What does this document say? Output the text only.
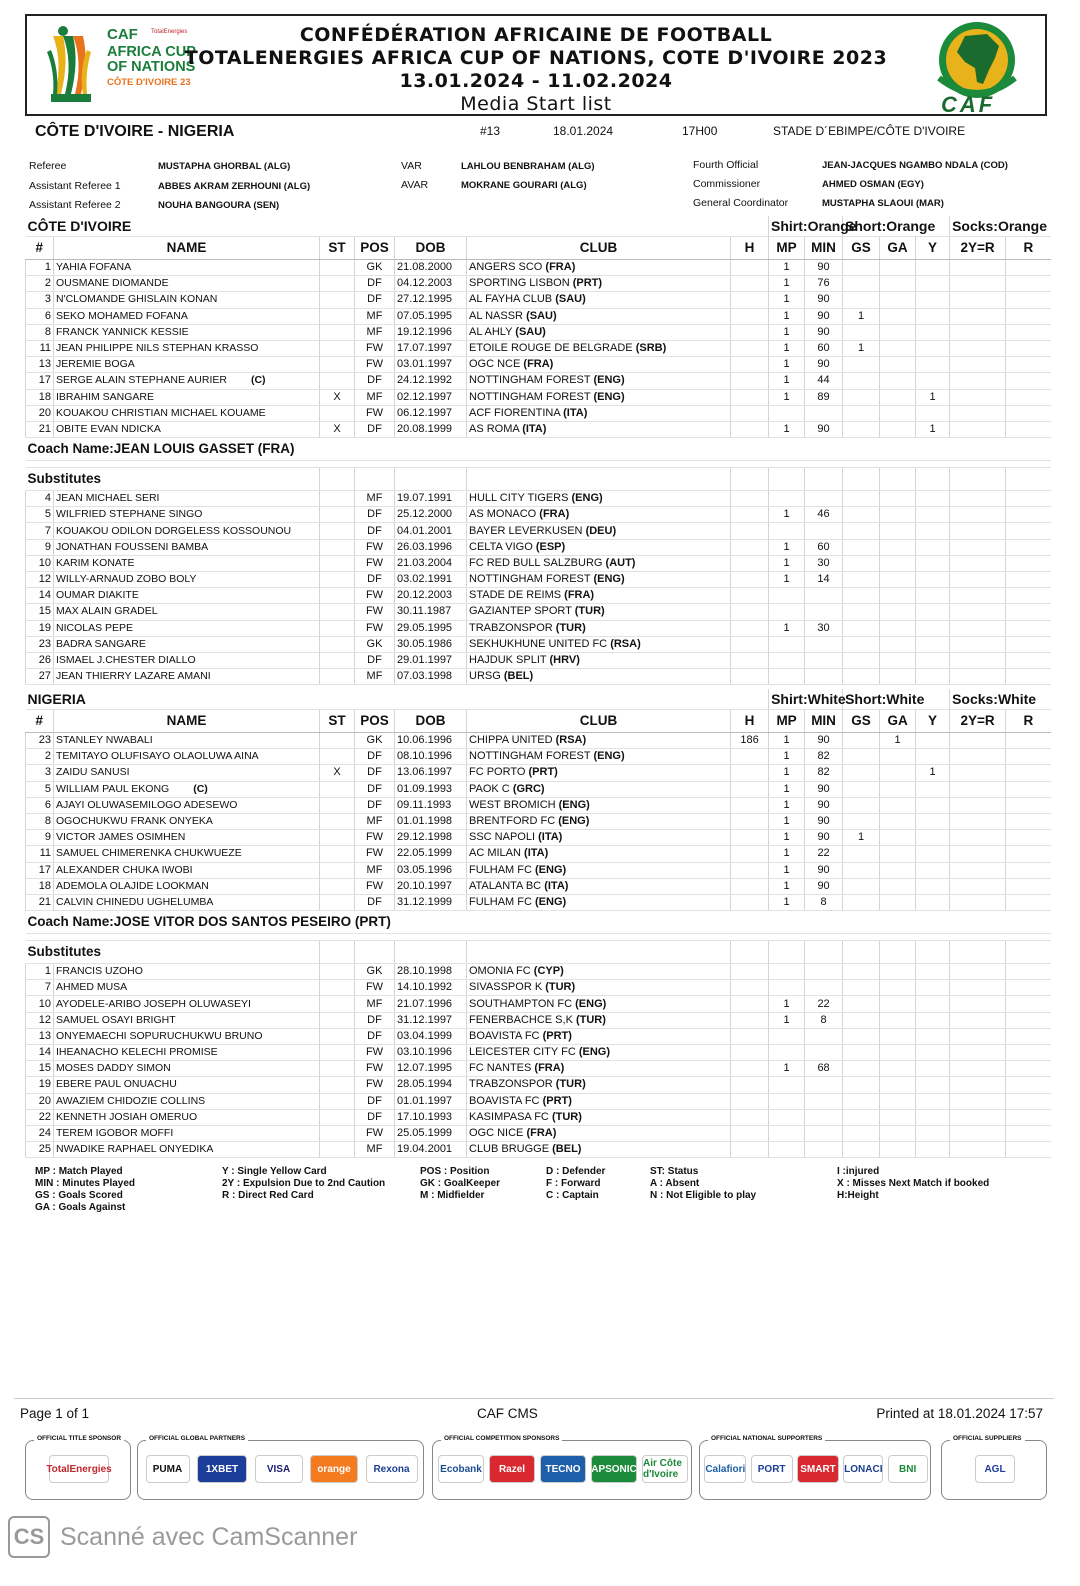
CAF TotalEnergies
AFRICA CUP
OF NATIONS
CÔTE D'IVOIRE 23
CONFÉDÉRATION AFRICAINE DE FOOTBALL
TOTALENERGIES AFRICA CUP OF NATIONS, COTE D'IVOIRE 2023
13.01.2024 - 11.02.2024
Media Start list	CAF
CÔTE D'IVOIRE - NIGERIA	#13	18.01.2024	17H00	STADE D´EBIMPE/CÔTE D'IVOIRE
Referee	MUSTAPHA GHORBAL (ALG)
Assistant Referee 1	ABBES AKRAM ZERHOUNI (ALG)
Assistant Referee 2	NOUHA BANGOURA (SEN)
VAR	LAHLOU BENBRAHAM (ALG)
AVAR	MOKRANE GOURARI (ALG)
Fourth Official	JEAN-JACQUES NGAMBO NDALA (COD)
Commissioner	AHMED OSMAN (EGY)
General Coordinator	MUSTAPHA SLAOUI (MAR)
CÔTE D'IVOIRE							Shirt:Orange		Short:Orange			Socks:Orange	
#	NAME	ST	POS	DOB	CLUB	H	MP	MIN	GS	GA	Y	2Y=R	R
1	YAHIA FOFANA		GK	21.08.2000	ANGERS SCO (FRA)		1	90					
2	OUSMANE DIOMANDE		DF	04.12.2003	SPORTING LISBON (PRT)		1	76					
3	N'CLOMANDE GHISLAIN KONAN		DF	27.12.1995	AL FAYHA CLUB (SAU)		1	90					
6	SEKO MOHAMED FOFANA		MF	07.05.1995	AL NASSR (SAU)		1	90	1				
8	FRANCK YANNICK KESSIE		MF	19.12.1996	AL AHLY (SAU)		1	90					
11	JEAN PHILIPPE NILS STEPHAN KRASSO		FW	17.07.1997	ETOILE ROUGE DE BELGRADE (SRB)		1	60	1				
13	JEREMIE BOGA		FW	03.01.1997	OGC NCE (FRA)		1	90					
17	SERGE ALAIN STEPHANE AURIER (C)		DF	24.12.1992	NOTTINGHAM FOREST (ENG)		1	44					
18	IBRAHIM SANGARE	X	MF	02.12.1997	NOTTINGHAM FOREST (ENG)		1	89			1		
20	KOUAKOU CHRISTIAN MICHAEL KOUAME		FW	06.12.1997	ACF FIORENTINA (ITA)								
21	OBITE EVAN NDICKA	X	DF	20.08.1999	AS ROMA (ITA)		1	90			1		
Coach Name:JEAN LOUIS GASSET (FRA)													

Substitutes													
4	JEAN MICHAEL SERI		MF	19.07.1991	HULL CITY TIGERS (ENG)								
5	WILFRIED STEPHANE SINGO		DF	25.12.2000	AS MONACO (FRA)		1	46					
7	KOUAKOU ODILON DORGELESS KOSSOUNOU		DF	04.01.2001	BAYER LEVERKUSEN (DEU)								
9	JONATHAN FOUSSENI BAMBA		FW	26.03.1996	CELTA VIGO (ESP)		1	60					
10	KARIM KONATE		FW	21.03.2004	FC RED BULL SALZBURG (AUT)		1	30					
12	WILLY-ARNAUD ZOBO BOLY		DF	03.02.1991	NOTTINGHAM FOREST (ENG)		1	14					
14	OUMAR DIAKITE		FW	20.12.2003	STADE DE REIMS (FRA)								
15	MAX ALAIN GRADEL		FW	30.11.1987	GAZIANTEP SPORT (TUR)								
19	NICOLAS PEPE		FW	29.05.1995	TRABZONSPOR (TUR)		1	30					
23	BADRA SANGARE		GK	30.05.1986	SEKHUKHUNE UNITED FC (RSA)								
26	ISMAEL J.CHESTER DIALLO		DF	29.01.1997	HAJDUK SPLIT (HRV)								
27	JEAN THIERRY LAZARE AMANI		MF	07.03.1998	URSG (BEL)								
NIGERIA							Shirt:White		Short:White			Socks:White	
#	NAME	ST	POS	DOB	CLUB	H	MP	MIN	GS	GA	Y	2Y=R	R
23	STANLEY NWABALI		GK	10.06.1996	CHIPPA UNITED (RSA)	186	1	90		1			
2	TEMITAYO OLUFISAYO OLAOLUWA AINA		DF	08.10.1996	NOTTINGHAM FOREST (ENG)		1	82					
3	ZAIDU SANUSI	X	DF	13.06.1997	FC PORTO (PRT)		1	82			1		
5	WILLIAM PAUL EKONG (C)		DF	01.09.1993	PAOK C (GRC)		1	90					
6	AJAYI OLUWASEMILOGO ADESEWO		DF	09.11.1993	WEST BROMICH (ENG)		1	90					
8	OGOCHUKWU FRANK ONYEKA		MF	01.01.1998	BRENTFORD FC (ENG)		1	90					
9	VICTOR JAMES OSIMHEN		FW	29.12.1998	SSC NAPOLI (ITA)		1	90	1				
11	SAMUEL CHIMERENKA CHUKWUEZE		FW	22.05.1999	AC MILAN (ITA)		1	22					
17	ALEXANDER CHUKA IWOBI		MF	03.05.1996	FULHAM FC (ENG)		1	90					
18	ADEMOLA OLAJIDE LOOKMAN		FW	20.10.1997	ATALANTA BC (ITA)		1	90					
21	CALVIN CHINEDU UGHELUMBA		DF	31.12.1999	FULHAM FC (ENG)		1	8					
Coach Name:JOSE VITOR DOS SANTOS PESEIRO (PRT)													

Substitutes													
1	FRANCIS UZOHO		GK	28.10.1998	OMONIA FC (CYP)								
7	AHMED MUSA		FW	14.10.1992	SIVASSPOR K (TUR)								
10	AYODELE-ARIBO JOSEPH OLUWASEYI		MF	21.07.1996	SOUTHAMPTON FC (ENG)		1	22					
12	SAMUEL OSAYI BRIGHT		DF	31.12.1997	FENERBACHCE S,K (TUR)		1	8					
13	ONYEMAECHI SOPURUCHUKWU BRUNO		DF	03.04.1999	BOAVISTA FC (PRT)								
14	IHEANACHO KELECHI PROMISE		FW	03.10.1996	LEICESTER CITY FC (ENG)								
15	MOSES DADDY SIMON		FW	12.07.1995	FC NANTES (FRA)		1	68					
19	EBERE PAUL ONUACHU		FW	28.05.1994	TRABZONSPOR (TUR)								
20	AWAZIEM CHIDOZIE COLLINS		DF	01.01.1997	BOAVISTA FC (PRT)								
22	KENNETH JOSIAH OMERUO		DF	17.10.1993	KASIMPASA FC (TUR)								
24	TEREM IGOBOR MOFFI		FW	25.05.1999	OGC NICE (FRA)								
25	NWADIKE RAPHAEL ONYEDIKA		MF	19.04.2001	CLUB BRUGGE (BEL)								
MP : Match Played
MIN : Minutes Played
GS : Goals Scored
GA : Goals Against
Y : Single Yellow Card
2Y : Expulsion Due to 2nd Caution
R : Direct Red Card
POS : Position
GK : GoalKeeper
M : Midfielder
D : Defender
F : Forward
C : Captain
ST: Status
A : Absent
N : Not Eligible to play
I :injured
X : Misses Next Match if booked
H:Height
Page 1 of 1	CAF CMS	Printed at 18.01.2024 17:57
OFFICIAL TITLE SPONSOR
TotalEnergies
OFFICIAL GLOBAL PARTNERS
PUMA	1XBET	VISA	orange	Rexona
OFFICIAL COMPETITION SPONSORS
Ecobank	Razel	TECNO	APSONIC Air Côte d'Ivoire
OFFICIAL NATIONAL SUPPORTERS
Calafiori	PORT	SMART LONACI	BNI
OFFICIAL SUPPLIERS
AGL
CS Scanné avec CamScanner
